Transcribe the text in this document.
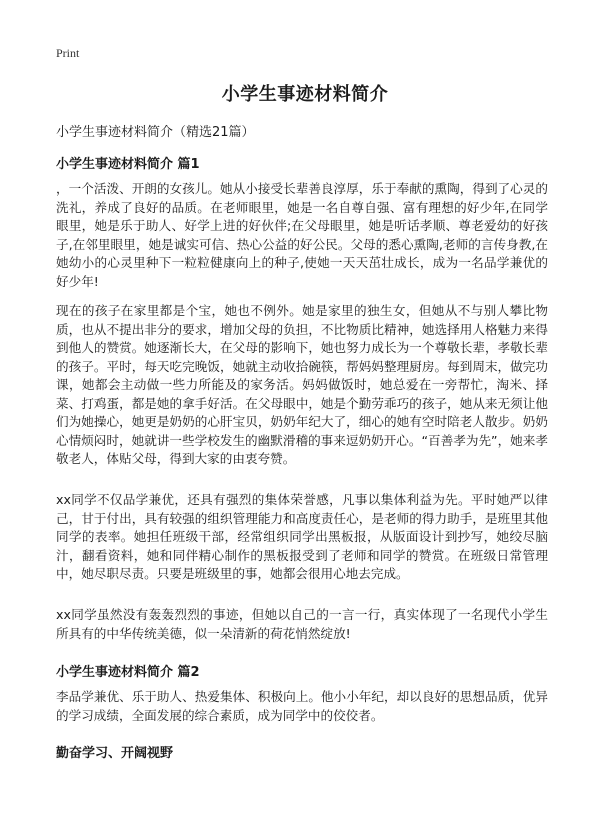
Print
小学生事迹材料简介
小学生事迹材料简介（精选21篇）
小学生事迹材料简介 篇1
，一个活泼、开朗的女孩儿。她从小接受长辈善良淳厚，乐于奉献的熏陶，得到了心灵的洗礼，养成了良好的品质。在老师眼里，她是一名自尊自强、富有理想的好少年,在同学眼里，她是乐于助人、好学上进的好伙伴;在父母眼里，她是听话孝顺、尊老爱幼的好孩子,在邻里眼里，她是诚实可信、热心公益的好公民。父母的悉心熏陶,老师的言传身教,在她幼小的心灵里种下一粒粒健康向上的种子,使她一天天茁壮成长，成为一名品学兼优的好少年!
现在的孩子在家里都是个宝，她也不例外。她是家里的独生女，但她从不与别人攀比物质，也从不提出非分的要求，增加父母的负担，不比物质比精神，她选择用人格魅力来得到他人的赞赏。她逐渐长大，在父母的影响下，她也努力成长为一个尊敬长辈，孝敬长辈的孩子。平时，每天吃完晚饭，她就主动收拾碗筷，帮妈妈整理厨房。每到周末，做完功课，她都会主动做一些力所能及的家务活。妈妈做饭时，她总爱在一旁帮忙，淘米、择菜、打鸡蛋，都是她的拿手好活。在父母眼中，她是个勤劳乖巧的孩子，她从来无须让他们为她操心，她更是奶奶的心肝宝贝，奶奶年纪大了，细心的她有空时陪老人散步。奶奶心情烦闷时，她就讲一些学校发生的幽默滑稽的事来逗奶奶开心。“百善孝为先”，她来孝敬老人，体贴父母，得到大家的由衷夸赞。
xx同学不仅品学兼优，还具有强烈的集体荣誉感，凡事以集体利益为先。平时她严以律己，甘于付出，具有较强的组织管理能力和高度责任心，是老师的得力助手，是班里其他同学的表率。她担任班级干部，经常组织同学出黑板报，从版面设计到抄写，她绞尽脑汁，翻看资料，她和同伴精心制作的黑板报受到了老师和同学的赞赏。在班级日常管理中，她尽职尽责。只要是班级里的事，她都会很用心地去完成。
xx同学虽然没有轰轰烈烈的事迹，但她以自己的一言一行，真实体现了一名现代小学生所具有的中华传统美德，似一朵清新的荷花悄然绽放!
小学生事迹材料简介 篇2
李品学兼优、乐于助人、热爱集体、积极向上。他小小年纪，却以良好的思想品质，优异的学习成绩，全面发展的综合素质，成为同学中的佼佼者。
勤奋学习、开阔视野
